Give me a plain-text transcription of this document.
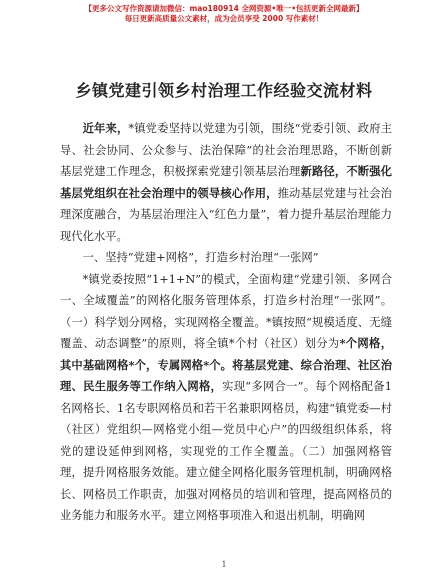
【更多公文写作资源请加微信：mao180914 全网资源•唯一•包括更新全网最新】
每日更新高质量公文素材，成为会员享受 2000 写作素材！
乡镇党建引领乡村治理工作经验交流材料

近年来，*镇党委坚持以党建为引领，围绕“党委引领、政府主导、社会协同、公众参与、法治保障”的社会治理思路，不断创新基层党建工作理念，积极探索党建引领基层治理新路径，不断强化基层党组织在社会治理中的领导核心作用，推动基层党建与社会治理深度融合，为基层治理注入“红色力量”，着力提升基层治理能力现代化水平。

一、坚持“党建+网格”，打造乡村治理“一张网”

*镇党委按照“1+1+N”的模式，全面构建“党建引领、多网合一、全域覆盖”的网格化服务管理体系，打造乡村治理“一张网”。（一）科学划分网格，实现网格全覆盖。*镇按照“规模适度、无缝覆盖、动态调整”的原则，将全镇*个村（社区）划分为*个网格，其中基础网格*个，专属网格*个。将基层党建、综合治理、社区治理、民生服务等工作纳入网格，实现“多网合一”。每个网格配备1名网格长、1名专职网格员和若干名兼职网格员，构建“镇党委—村（社区）党组织—网格党小组—党员中心户”的四级组织体系，将党的建设延伸到网格，实现党的工作全覆盖。（二）加强网格管理，提升网格服务效能。建立健全网格化服务管理机制，明确网格长、网格员工作职责，加强对网格员的培训和管理，提高网格员的业务能力和服务水平。建立网格事项准入和退出机制，明确网

1
